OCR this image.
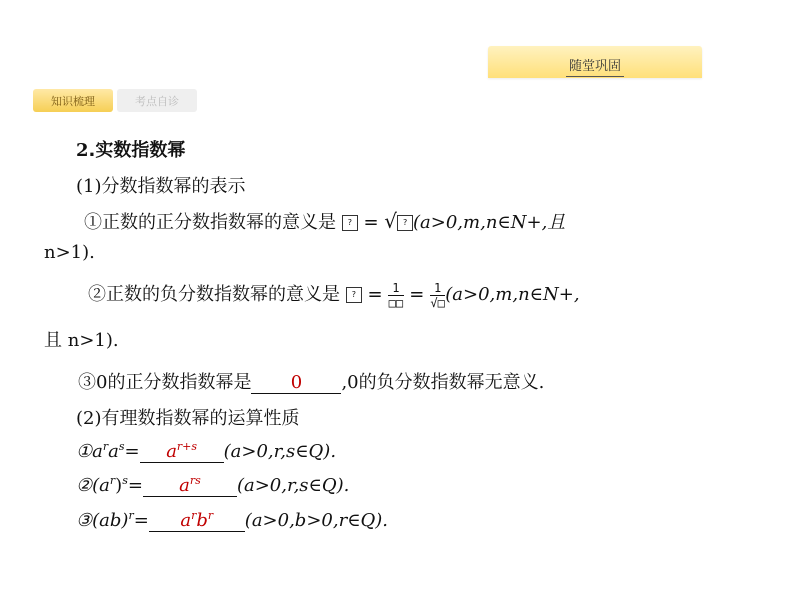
随堂巩固
知识梳理	考点自诊
2.实数指数幂
(1)分数指数幂的表示
①正数的正分数指数幂的意义是 ? = √ ? (a>0,m,n∈N+,且
n>1).
②正数的负分数指数幂的意义是 ? = $\frac{1}{□□} = \frac{1}{√□}$ (a>0,m,n∈N+,
且 n>1).
③0的正分数指数幂是 0 ,0的负分数指数幂无意义.
(2)有理数指数幂的运算性质
$①a^ra^s= a^{r+s}$ (a>0,r,s∈Q).
$②(a^r)^s= a^{rs}$ (a>0,r,s∈Q).
③(ab)$^r$= $a^rb^r$ (a>0,b>0,r∈Q).
